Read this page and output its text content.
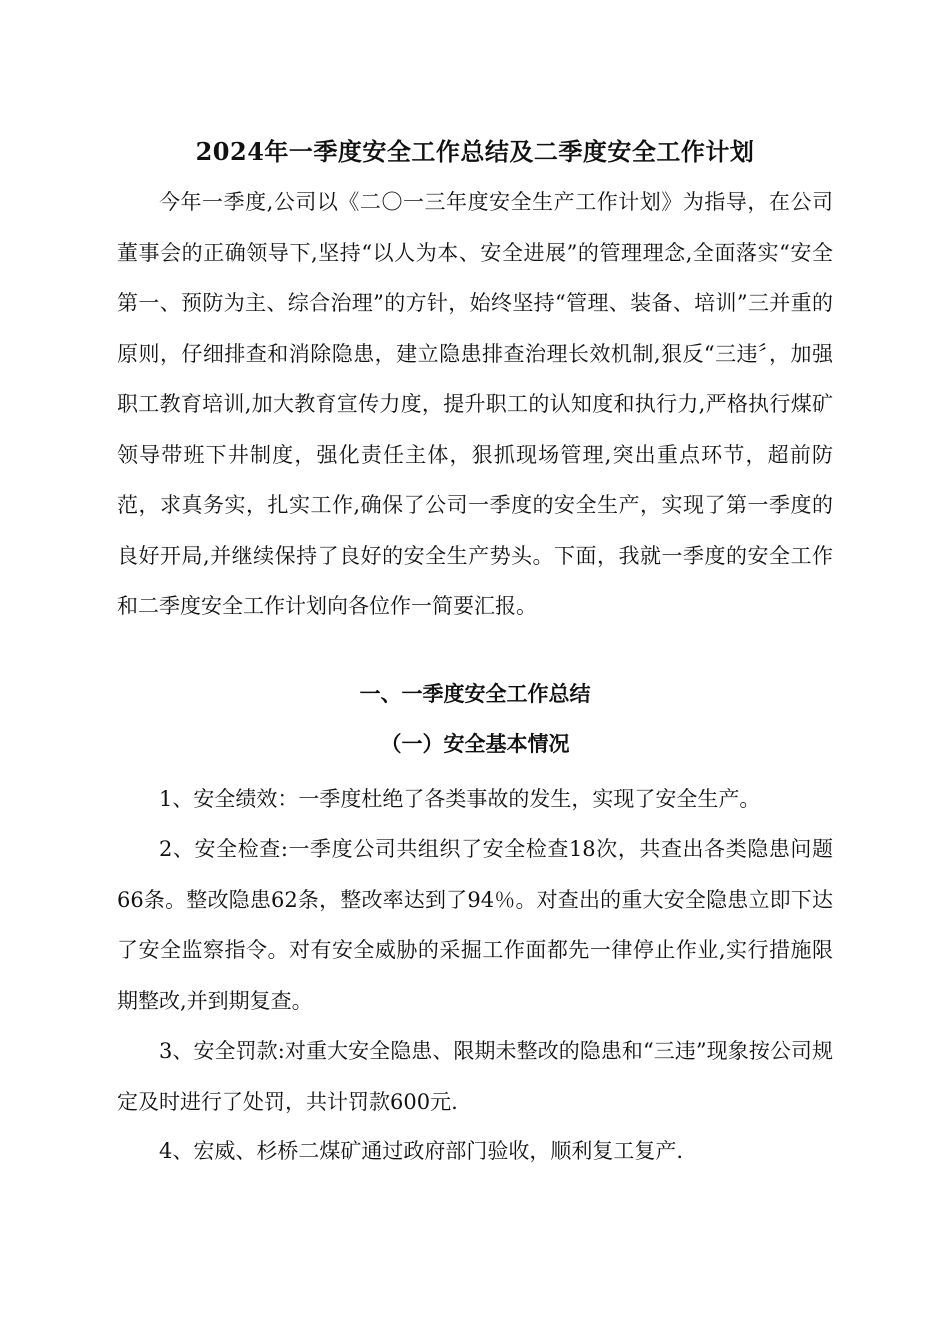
2024年一季度安全工作总结及二季度安全工作计划

今年一季度,公司以《二〇一三年度安全生产工作计划》为指导，在公司董事会的正确领导下,坚持“以人为本、安全进展”的管理理念,全面落实“安全第一、预防为主、综合治理”的方针，始终坚持“管理、装备、培训”三并重的原则，仔细排查和消除隐患，建立隐患排查治理长效机制,狠反“三违〞，加强职工教育培训,加大教育宣传力度，提升职工的认知度和执行力,严格执行煤矿领导带班下井制度，强化责任主体，狠抓现场管理,突出重点环节，超前防范，求真务实，扎实工作,确保了公司一季度的安全生产，实现了第一季度的良好开局,并继续保持了良好的安全生产势头。下面，我就一季度的安全工作和二季度安全工作计划向各位作一简要汇报。

一、一季度安全工作总结
（一）安全基本情况

1、安全绩效：一季度杜绝了各类事故的发生，实现了安全生产。

2、安全检查:一季度公司共组织了安全检查18次，共查出各类隐患问题66条。整改隐患62条，整改率达到了94％。对查出的重大安全隐患立即下达了安全监察指令。对有安全威胁的采掘工作面都先一律停止作业,实行措施限期整改,并到期复查。

3、安全罚款:对重大安全隐患、限期未整改的隐患和“三违”现象按公司规定及时进行了处罚，共计罚款600元.

4、宏威、杉桥二煤矿通过政府部门验收，顺利复工复产.
